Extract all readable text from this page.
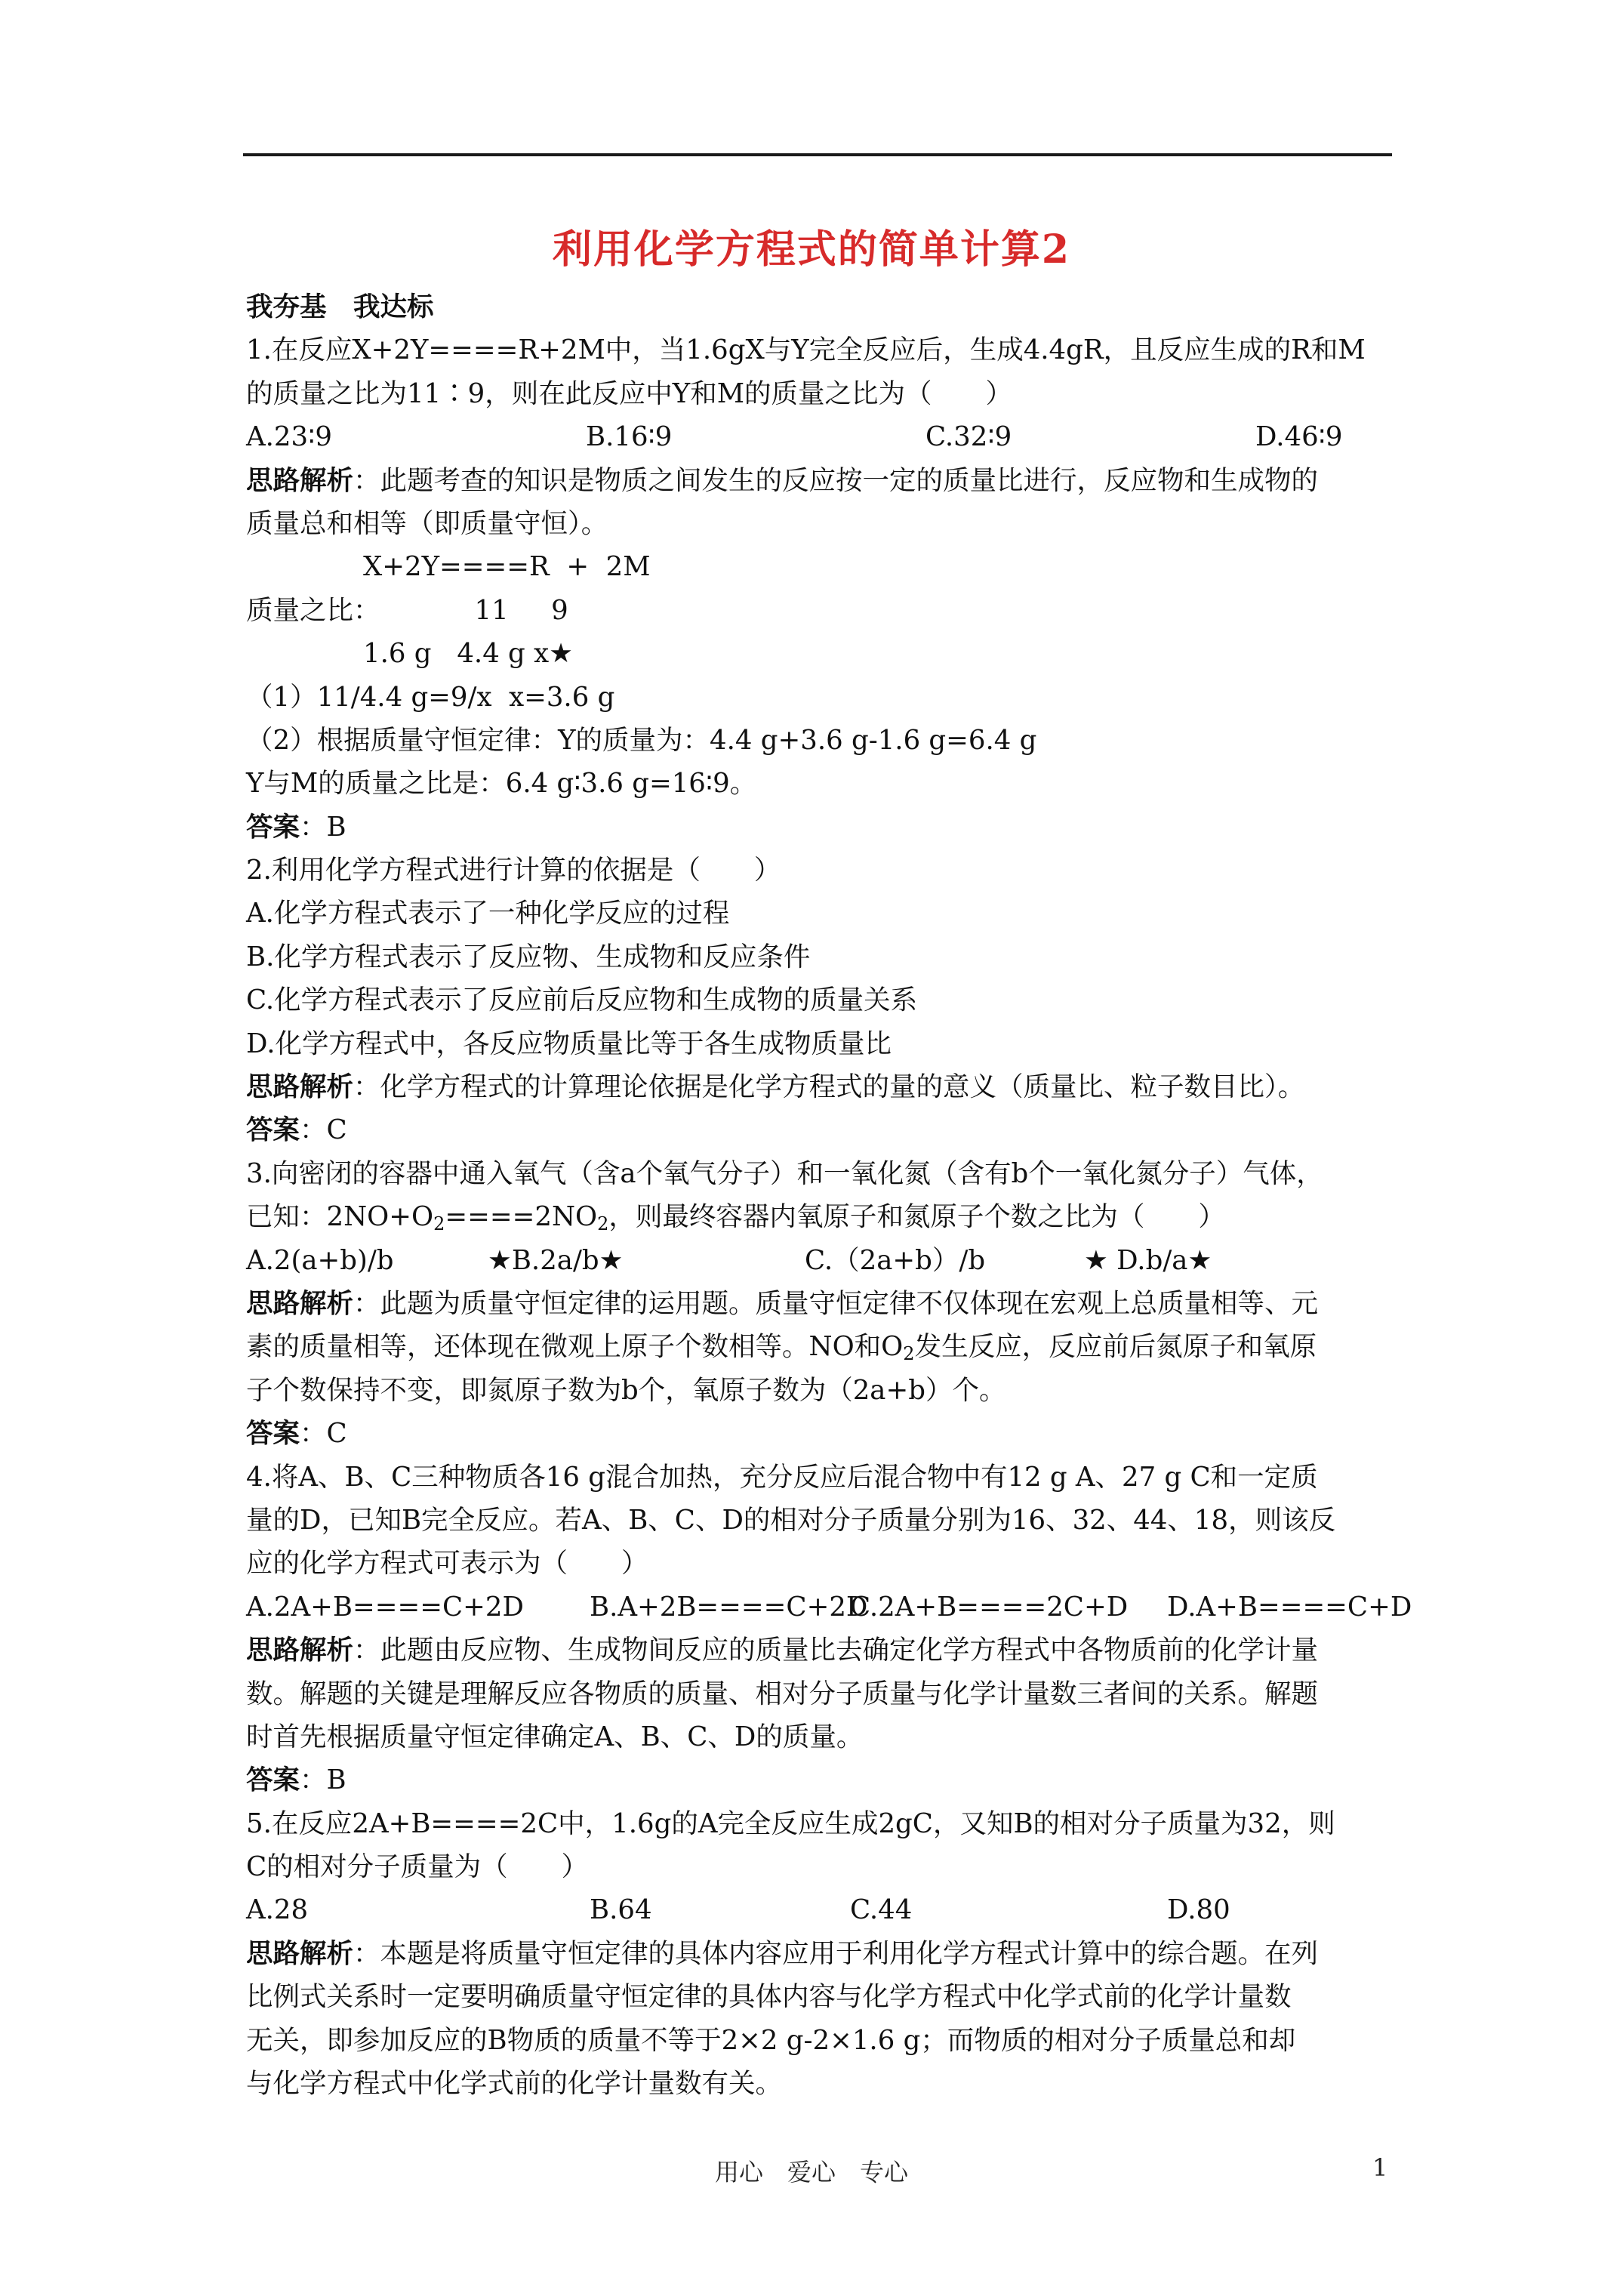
利用化学方程式的简单计算2
我夯基　我达标
1.在反应X+2Y====R+2M中，当1.6gX与Y完全反应后，生成4.4gR，且反应生成的R和M
的质量之比为11∶9，则在此反应中Y和M的质量之比为（　　）
A.23∶9	B.16∶9	C.32∶9	D.46∶9
思路解析：此题考查的知识是物质之间发生的反应按一定的质量比进行，反应物和生成物的
质量总和相等（即质量守恒）。
X+2Y====R  +  2M
质量之比：	11     9
1.6 g   4.4 g x★
（1）11/4.4 g=9/x  x=3.6 g
（2）根据质量守恒定律：Y的质量为：4.4 g+3.6 g-1.6 g=6.4 g
Y与M的质量之比是：6.4 g∶3.6 g=16∶9。
答案：B
2.利用化学方程式进行计算的依据是（　　）
A.化学方程式表示了一种化学反应的过程
B.化学方程式表示了反应物、生成物和反应条件
C.化学方程式表示了反应前后反应物和生成物的质量关系
D.化学方程式中，各反应物质量比等于各生成物质量比
思路解析：化学方程式的计算理论依据是化学方程式的量的意义（质量比、粒子数目比）。
答案：C
3.向密闭的容器中通入氧气（含a个氧气分子）和一氧化氮（含有b个一氧化氮分子）气体，
已知：$2NO+O_2====2NO_2$，则最终容器内氧原子和氮原子个数之比为（　　）
A.2(a+b)/b	★B.2a/b★	C.（2a+b）/b	★ D.b/a★
思路解析：此题为质量守恒定律的运用题。质量守恒定律不仅体现在宏观上总质量相等、元
素的质量相等，还体现在微观上原子个数相等。NO和$O_2$发生反应，反应前后氮原子和氧原
子个数保持不变，即氮原子数为b个，氧原子数为（2a+b）个。
答案：C
4.将A、B、C三种物质各16 g混合加热，充分反应后混合物中有12 g A、27 g C和一定质
量的D，已知B完全反应。若A、B、C、D的相对分子质量分别为16、32、44、18，则该反
应的化学方程式可表示为（　　）
A.2A+B====C+2D	B.A+2B====C+2D
C.2A+B====2C+D	D.A+B====C+D
思路解析：此题由反应物、生成物间反应的质量比去确定化学方程式中各物质前的化学计量
数。解题的关键是理解反应各物质的质量、相对分子质量与化学计量数三者间的关系。解题
时首先根据质量守恒定律确定A、B、C、D的质量。
答案：B
5.在反应2A+B====2C中，1.6g的A完全反应生成2gC，又知B的相对分子质量为32，则
C的相对分子质量为（　　）
A.28	B.64	C.44	D.80
思路解析：本题是将质量守恒定律的具体内容应用于利用化学方程式计算中的综合题。在列
比例式关系时一定要明确质量守恒定律的具体内容与化学方程式中化学式前的化学计量数
无关，即参加反应的B物质的质量不等于2×2 g-2×1.6 g；而物质的相对分子质量总和却
与化学方程式中化学式前的化学计量数有关。
用心　爱心　专心	1
